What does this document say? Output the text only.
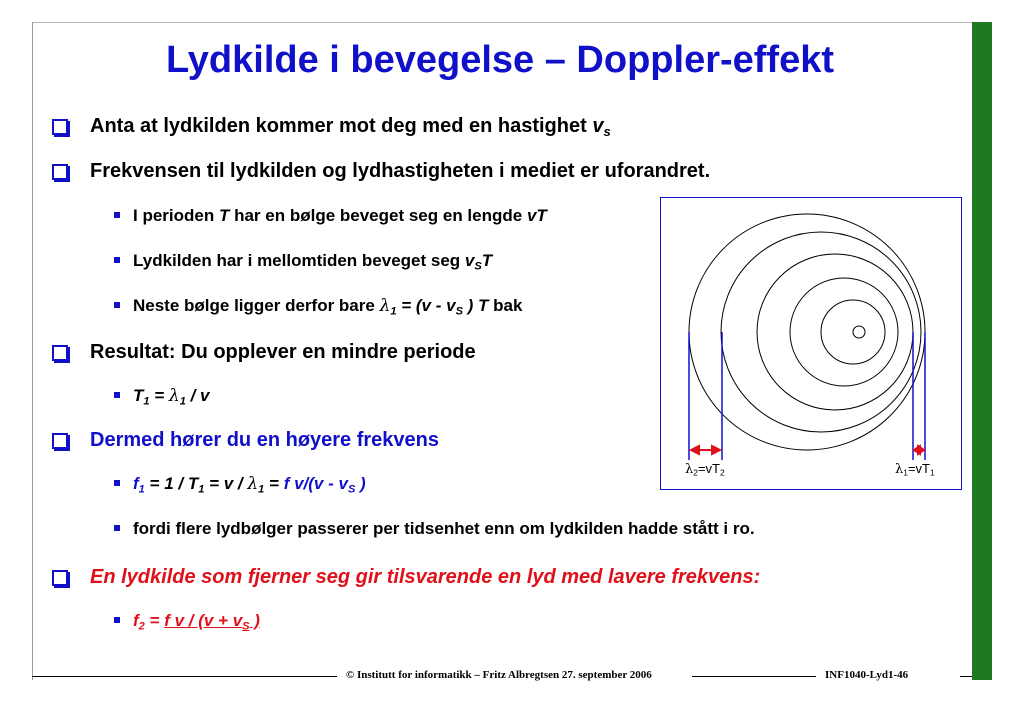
Lydkilde i bevegelse – Doppler-effekt
Anta at lydkilden kommer mot deg med en hastighet $v_s$
Frekvensen til lydkilden og lydhastigheten i mediet er uforandret.
I perioden T har en bølge beveget seg en lengde vT
Lydkilden har i mellomtiden beveget seg $v_ST$
Neste bølge ligger derfor bare $\lambda_1 = (v - v_S$ ) T bak
Resultat: Du opplever en mindre periode
$T_1 = \lambda_1 / v$
Dermed hører du en høyere frekvens
$f_1 = 1 / T_1 = v / \lambda_1 = f$ $v/(v - v_S$ )
fordi flere lydbølger passerer per tidsenhet enn om lydkilden hadde stått i ro.
En lydkilde som fjerner seg gir tilsvarende en lyd med lavere frekvens:
$f_2 = f$ $v / (v + v_S$ )
$\lambda_2=vT_2$	$\lambda_1=vT_1$
© Institutt for informatikk – Fritz Albregtsen 27. september 2006	INF1040-Lyd1-46
